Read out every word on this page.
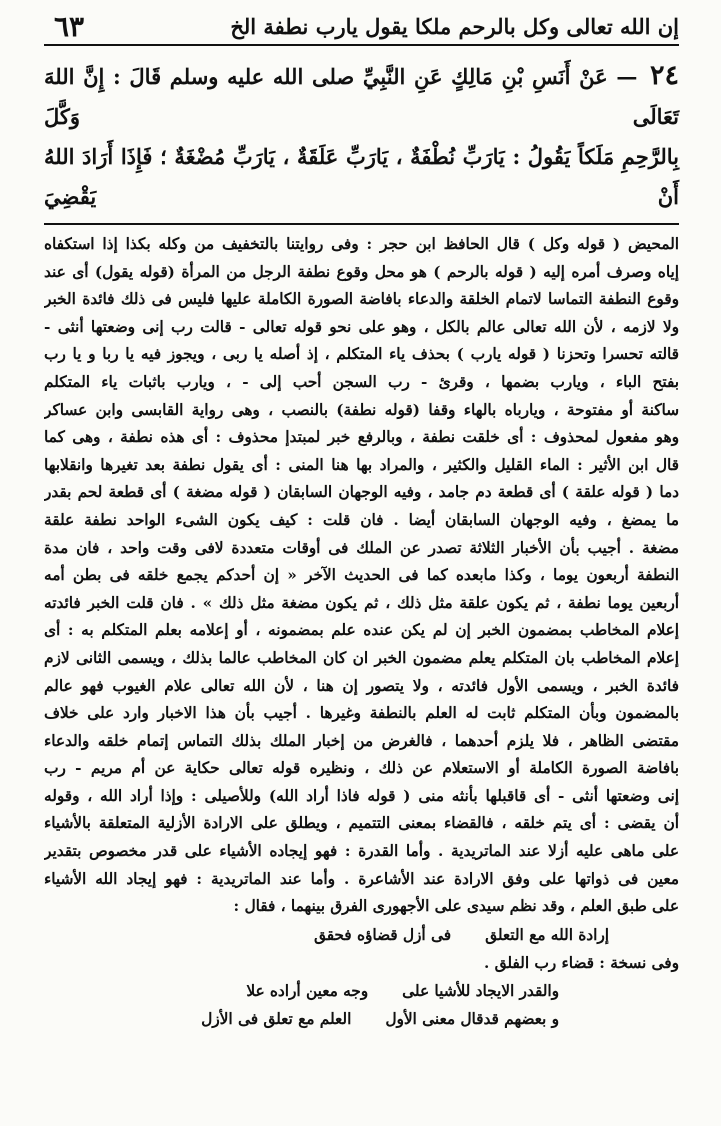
إن الله تعالى وكل بالرحم ملكا يقول يارب نطفة الخ
٦٣
٢٤ — عَنْ أَنَسِ بْنِ مَالِكٍ عَنِ النَّبِيِّ صلى الله عليه وسلم قَالَ : إِنَّ اللهَ تَعَالَى وَكَّلَ
بِالرَّحِمِ مَلَكاً يَقُولُ : يَارَبِّ نُطْفَةٌ ، يَارَبِّ عَلَقَةٌ ، يَارَبِّ مُضْغَةٌ ؛ فَإِذَا أَرَادَ اللهُ أَنْ يَقْضِيَ

المحيض ( قوله وكل ) قال الحافظ ابن حجر : وفى روايتنا بالتخفيف من وكله بكذا إذا استكفاه

إياه وصرف أمره إليه ( قوله بالرحم ) هو محل وقوع نطفة الرجل من المرأة (قوله يقول) أى عند

وقوع النطفة التماسا لاتمام الخلقة والدعاء بافاضة الصورة الكاملة عليها فليس فى ذلك فائدة الخبر

ولا لازمه ، لأن الله تعالى عالم بالكل ، وهو على نحو قوله تعالى - قالت رب إنى وضعتها أنثى -

قالته تحسرا وتحزنا ( قوله يارب ) بحذف ياء المتكلم ، إذ أصله يا ربى ، ويجوز فيه يا ربا و يا رب

بفتح الباء ، ويارب بضمها ، وقرئ - رب السجن أحب إلى - ، ويارب باثبات ياء المتكلم

ساكنة أو مفتوحة ، ويارباه بالهاء وقفا (قوله نطفة) بالنصب ، وهى رواية القابسى وابن عساكر

وهو مفعول لمحذوف : أى خلقت نطفة ، وبالرفع خبر لمبتدإ محذوف : أى هذه نطفة ، وهى كما

قال ابن الأثير : الماء القليل والكثير ، والمراد بها هنا المنى : أى يقول نطفة بعد تغيرها وانقلابها

دما ( قوله علقة ) أى قطعة دم جامد ، وفيه الوجهان السابقان ( قوله مضغة ) أى قطعة لحم بقدر

ما يمضغ ، وفيه الوجهان السابقان أيضا . فان قلت : كيف يكون الشىء الواحد نطفة علقة

مضغة . أجيب بأن الأخبار الثلاثة تصدر عن الملك فى أوقات متعددة لافى وقت واحد ، فان مدة

النطفة أربعون يوما ، وكذا مابعده كما فى الحديث الآخر « إن أحدكم يجمع خلقه فى بطن أمه

أربعين يوما نطفة ، ثم يكون علقة مثل ذلك ، ثم يكون مضغة مثل ذلك » . فان قلت الخبر فائدته

إعلام المخاطب بمضمون الخبر إن لم يكن عنده علم بمضمونه ، أو إعلامه بعلم المتكلم به : أى

إعلام المخاطب بان المتكلم يعلم مضمون الخبر ان كان المخاطب عالما بذلك ، ويسمى الثانى لازم

فائدة الخبر ، ويسمى الأول فائدته ، ولا يتصور إن هنا ، لأن الله تعالى علام الغيوب فهو عالم

بالمضمون وبأن المتكلم ثابت له العلم بالنطفة وغيرها . أجيب بأن هذا الاخبار وارد على خلاف

مقتضى الظاهر ، فلا يلزم أحدهما ، فالغرض من إخبار الملك بذلك التماس إتمام خلقه والدعاء

بافاضة الصورة الكاملة أو الاستعلام عن ذلك ، ونظيره قوله تعالى حكاية عن أم مريم - رب

إنى وضعتها أنثى - أى قاقبلها بأنثه منى ( قوله فاذا أراد الله) وللأصيلى : وإذا أراد الله ، وقوله

أن يقضى : أى يتم خلقه ، فالقضاء بمعنى التتميم ، ويطلق على الارادة الأزلية المتعلقة بالأشياء

على ماهى عليه أزلا عند الماتريدية . وأما القدرة : فهو إيجاده الأشياء على قدر مخصوص بتقدير

معين فى ذواتها على وفق الارادة عند الأشاعرة . وأما عند الماتريدية : فهو إيجاد الله الأشياء

على طبق العلم ، وقد نظم سيدى على الأجهورى الفرق بينهما ، فقال :

إرادة الله مع التعلق
فى أزل قضاؤه فحقق
وفى نسخة : قضاء رب الفلق .
والقدر الايجاد للأشيا على
وجه معين أراده علا
و بعضهم قدقال معنى الأول
العلم مع تعلق فى الأزل
